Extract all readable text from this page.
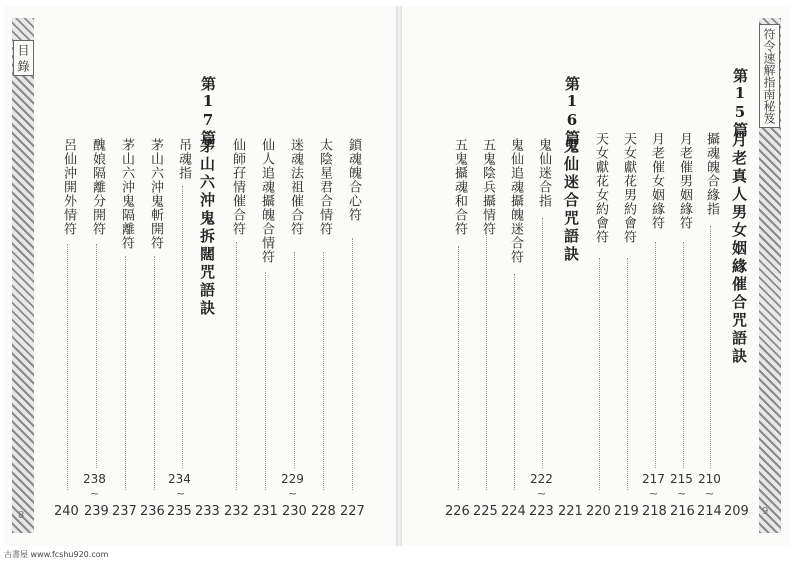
目 錄
8
第17篇
茅山六沖鬼拆闊咒語訣	鎖魂魄合心符
227
太陰星君合情符
228
迷魂法祖催合符
229
~
230
仙人追魂攝魄合情符
231
仙師孖情催合符
232
233
吊魂指
234
~
235
茅山六沖鬼斬開符
236
茅山六沖鬼隔離符
237
醜娘隔離分開符
238
~
239
呂仙沖開外情符
240
符令速解指南秘笈
9
第15篇
月老真人男女姻緣催合咒語訣
209
攝魂魄合緣指
210
~
214
月老催男姻緣符
215
~
216
月老催女姻緣符
217
~
218
天女獻花男約會符
219
天女獻花女約會符
220
第16篇
鬼仙迷合咒語訣
221
鬼仙迷合指
222
~
223
鬼仙追魂攝魄迷合符
224
五鬼陰兵攝情符
225
五鬼攝魂和合符
226
古書屋 www.fcshu920.com
